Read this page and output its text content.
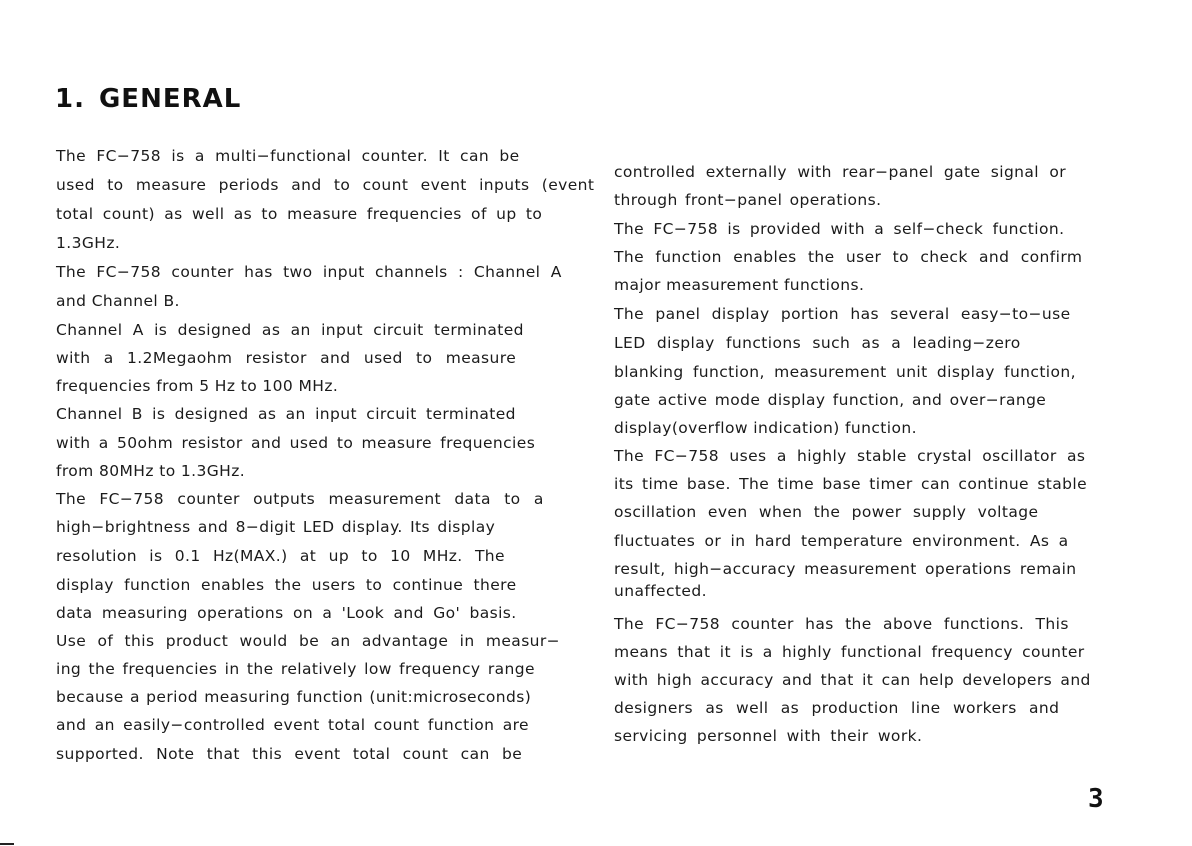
1. GENERAL
The FC−758 is a multi−functional counter. It can be
used to measure periods and to count event inputs (event
total count) as well as to measure frequencies of up to
1.3GHz.
The FC−758 counter has two input channels : Channel A
and Channel B.
Channel A is designed as an input circuit terminated
with a 1.2Megaohm resistor and used to measure
frequencies from 5 Hz to 100 MHz.
Channel B is designed as an input circuit terminated
with a 50ohm resistor and used to measure frequencies
from 80MHz to 1.3GHz.
The FC−758 counter outputs measurement data to a
high−brightness and 8−digit LED display. Its display
resolution is 0.1 Hz(MAX.) at up to 10 MHz. The
display function enables the users to continue there
data measuring operations on a 'Look and Go' basis.
Use of this product would be an advantage in measur−
ing the frequencies in the relatively low frequency range
because a period measuring function (unit:microseconds)
and an easily−controlled event total count function are
supported. Note that this event total count can be
controlled externally with rear−panel gate signal or
through front−panel operations.
The FC−758 is provided with a self−check function.
The function enables the user to check and confirm
major measurement functions.
The panel display portion has several easy−to−use
LED display functions such as a leading−zero
blanking function, measurement unit display function,
gate active mode display function, and over−range
display(overflow indication) function.
The FC−758 uses a highly stable crystal oscillator as
its time base. The time base timer can continue stable
oscillation even when the power supply voltage
fluctuates or in hard temperature environment. As a
result, high−accuracy measurement operations remain
unaffected.
The FC−758 counter has the above functions. This
means that it is a highly functional frequency counter
with high accuracy and that it can help developers and
designers as well as production line workers and
servicing personnel with their work.
3
